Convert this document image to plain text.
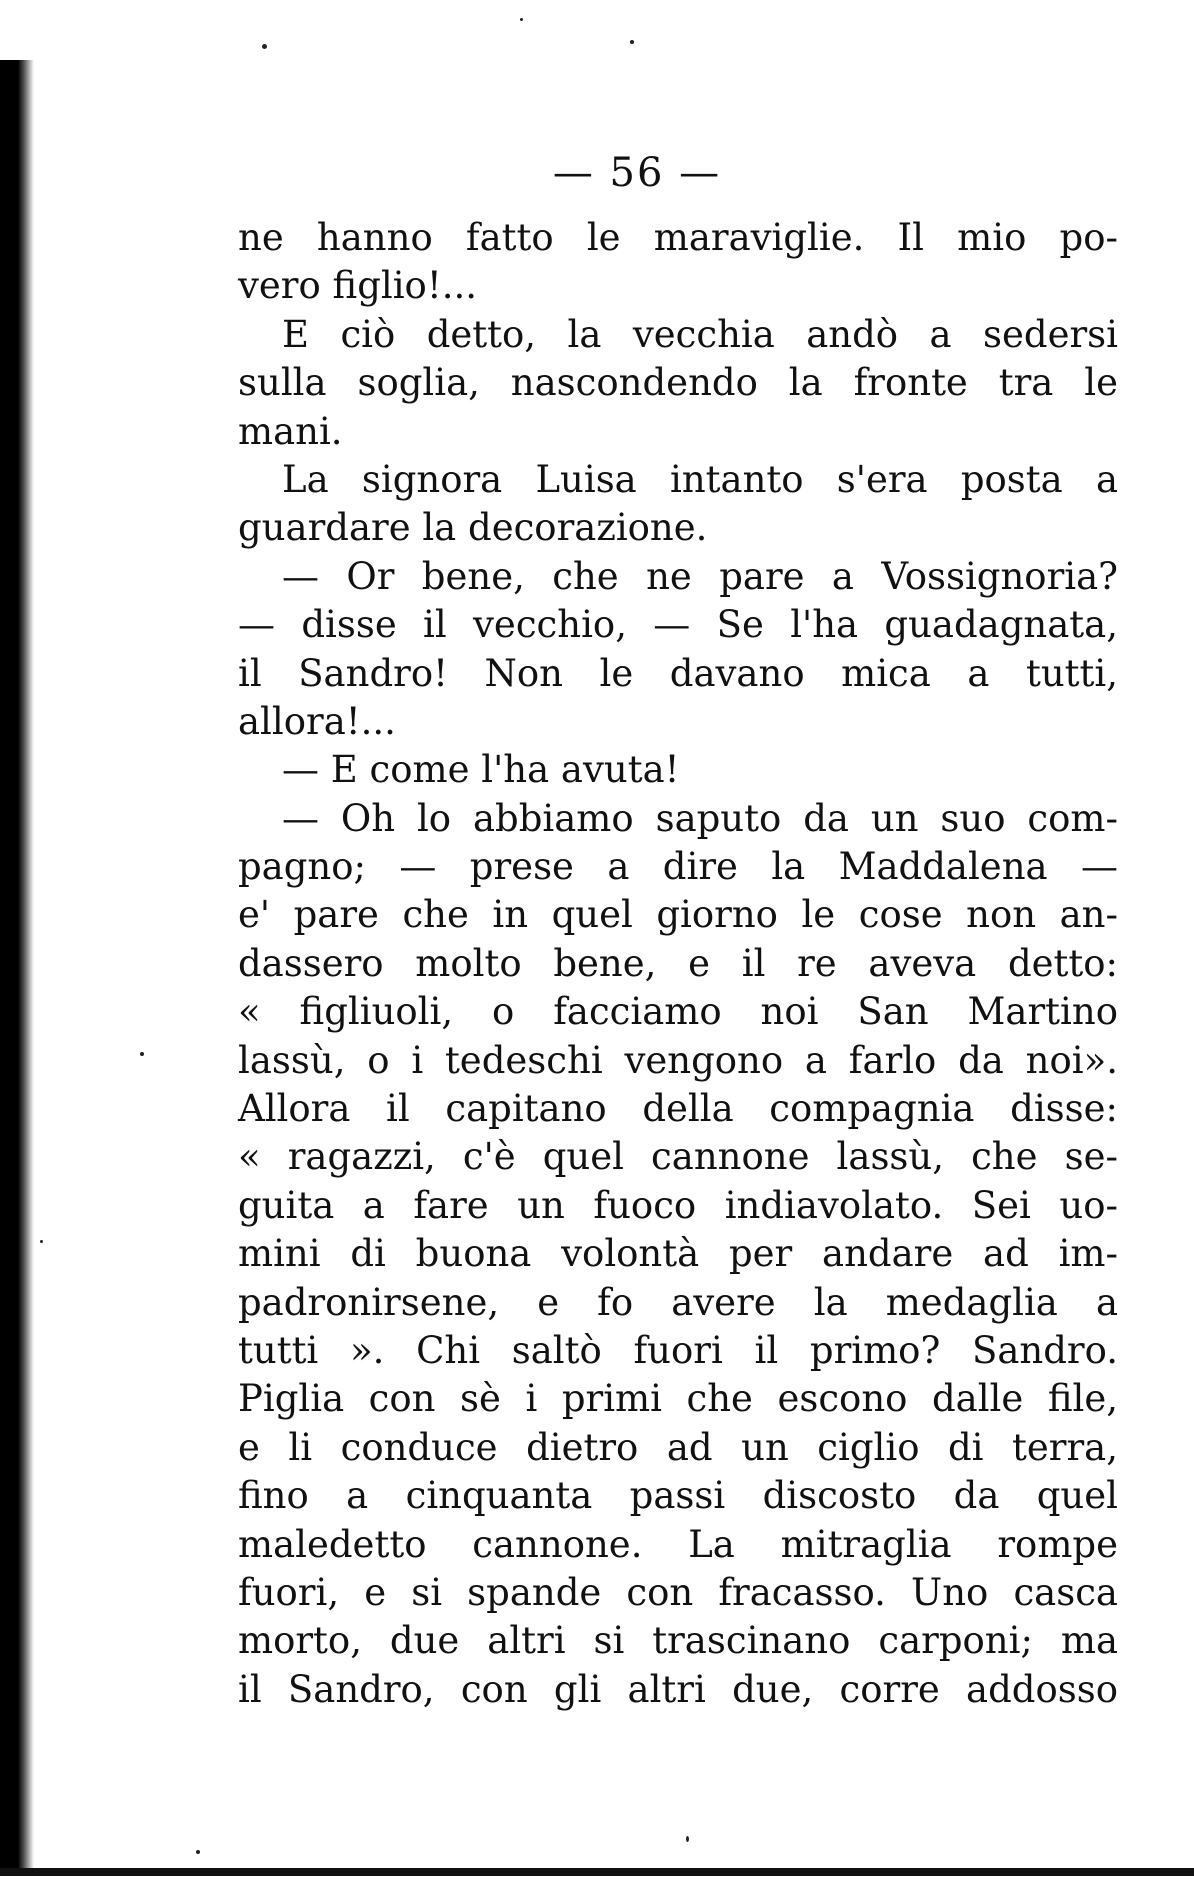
— 56 —
ne hanno fatto le maraviglie. Il mio po-
vero figlio!...
E ciò detto, la vecchia andò a sedersi
sulla soglia, nascondendo la fronte tra le
mani.
La signora Luisa intanto s'era posta a
guardare la decorazione.
— Or bene, che ne pare a Vossignoria?
— disse il vecchio, — Se l'ha guadagnata,
il Sandro! Non le davano mica a tutti,
allora!...
— E come l'ha avuta!
— Oh lo abbiamo saputo da un suo com-
pagno; — prese a dire la Maddalena —
e' pare che in quel giorno le cose non an-
dassero molto bene, e il re aveva detto:
« figliuoli, o facciamo noi San Martino
lassù, o i tedeschi vengono a farlo da noi».
Allora il capitano della compagnia disse:
« ragazzi, c'è quel cannone lassù, che se-
guita a fare un fuoco indiavolato. Sei uo-
mini di buona volontà per andare ad im-
padronirsene, e fo avere la medaglia a
tutti ». Chi saltò fuori il primo? Sandro.
Piglia con sè i primi che escono dalle file,
e li conduce dietro ad un ciglio di terra,
fino a cinquanta passi discosto da quel
maledetto cannone. La mitraglia rompe
fuori, e si spande con fracasso. Uno casca
morto, due altri si trascinano carponi; ma
il Sandro, con gli altri due, corre addosso
